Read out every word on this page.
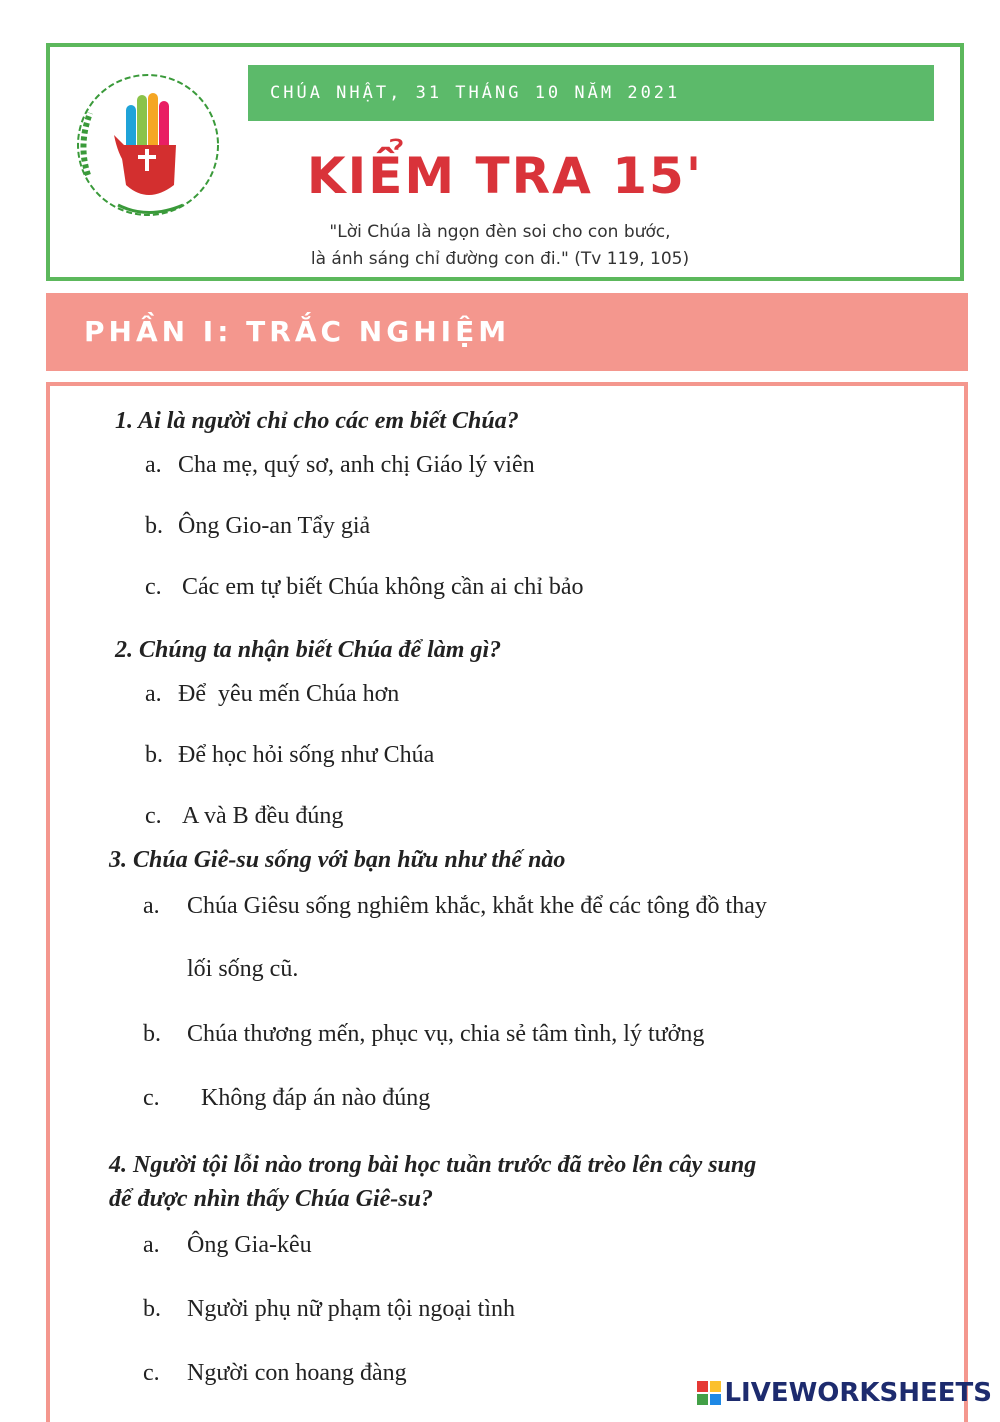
CHÚA NHẬT, 31 THÁNG 10 NĂM 2021
KIỂM TRA 15'
"Lời Chúa là ngọn đèn soi cho con bước,
là ánh sáng chỉ đường con đi." (Tv 119, 105)
PHẦN I: TRẮC NGHIỆM
1. Ai là người chỉ cho các em biết Chúa?
a. Cha mẹ, quý sơ, anh chị Giáo lý viên
b. Ông Gio-an Tẩy giả
c. Các em tự biết Chúa không cần ai chỉ bảo
2. Chúng ta nhận biết Chúa để làm gì?
a. Để  yêu mến Chúa hơn
b. Để học hỏi sống như Chúa
c. A và B đều đúng
3. Chúa Giê-su sống với bạn hữu như thế nào
a. Chúa Giêsu sống nghiêm khắc, khắt khe để các tông đồ thay
lối sống cũ.
b. Chúa thương mến, phục vụ, chia sẻ tâm tình, lý tưởng
c. Không đáp án nào đúng
4. Người tội lỗi nào trong bài học tuần trước đã trèo lên cây sung
để được nhìn thấy Chúa Giê-su?
a. Ông Gia-kêu
b. Người phụ nữ phạm tội ngoại tình
c. Người con hoang đàng
LIVEWORKSHEETS
